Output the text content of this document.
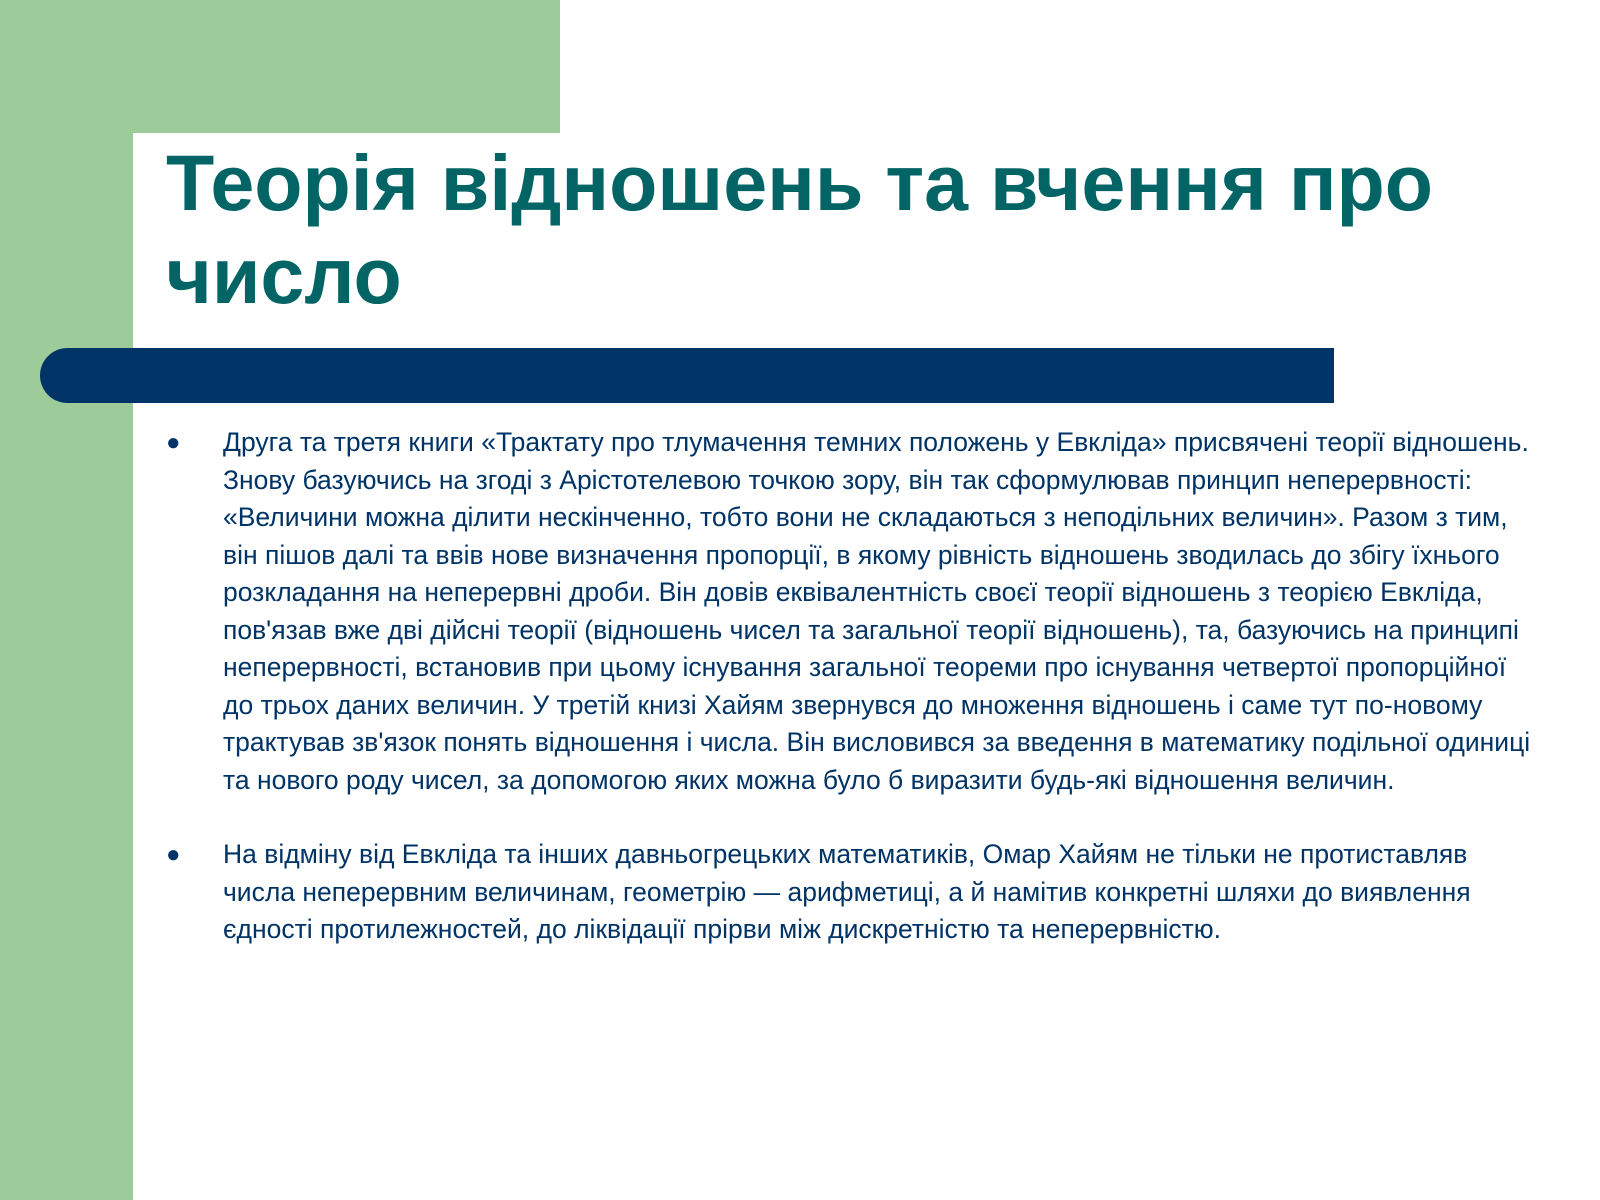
Теорія відношень та вчення про число
● Друга та третя книги «Трактату про тлумачення темних положень у Евкліда» присвячені теорії відношень. Знову базуючись на згоді з Арістотелевою точкою зору, він так сформулював принцип неперервності: «Величини можна ділити нескінченно, тобто вони не складаються з неподільних величин». Разом з тим, він пішов далі та ввів нове визначення пропорції, в якому рівність відношень зводилась до збігу їхнього розкладання на неперервні дроби. Він довів еквівалентність своєї теорії відношень з теорією Евкліда, пов'язав вже дві дійсні теорії (відношень чисел та загальної теорії відношень), та, базуючись на принципі неперервності, встановив при цьому існування загальної теореми про існування четвертої пропорційної до трьох даних величин. У третій книзі Хайям звернувся до множення відношень і саме тут по-новому трактував зв'язок понять відношення і числа. Він висловився за введення в математику подільної одиниці та нового роду чисел, за допомогою яких можна було б виразити будь-які відношення величин.
● На відміну від Евкліда та інших давньогрецьких математиків, Омар Хайям не тільки не протиставляв числа неперервним величинам, геометрію — арифметиці, а й намітив конкретні шляхи до виявлення єдності протилежностей, до ліквідації прірви між дискретністю та неперервністю.
